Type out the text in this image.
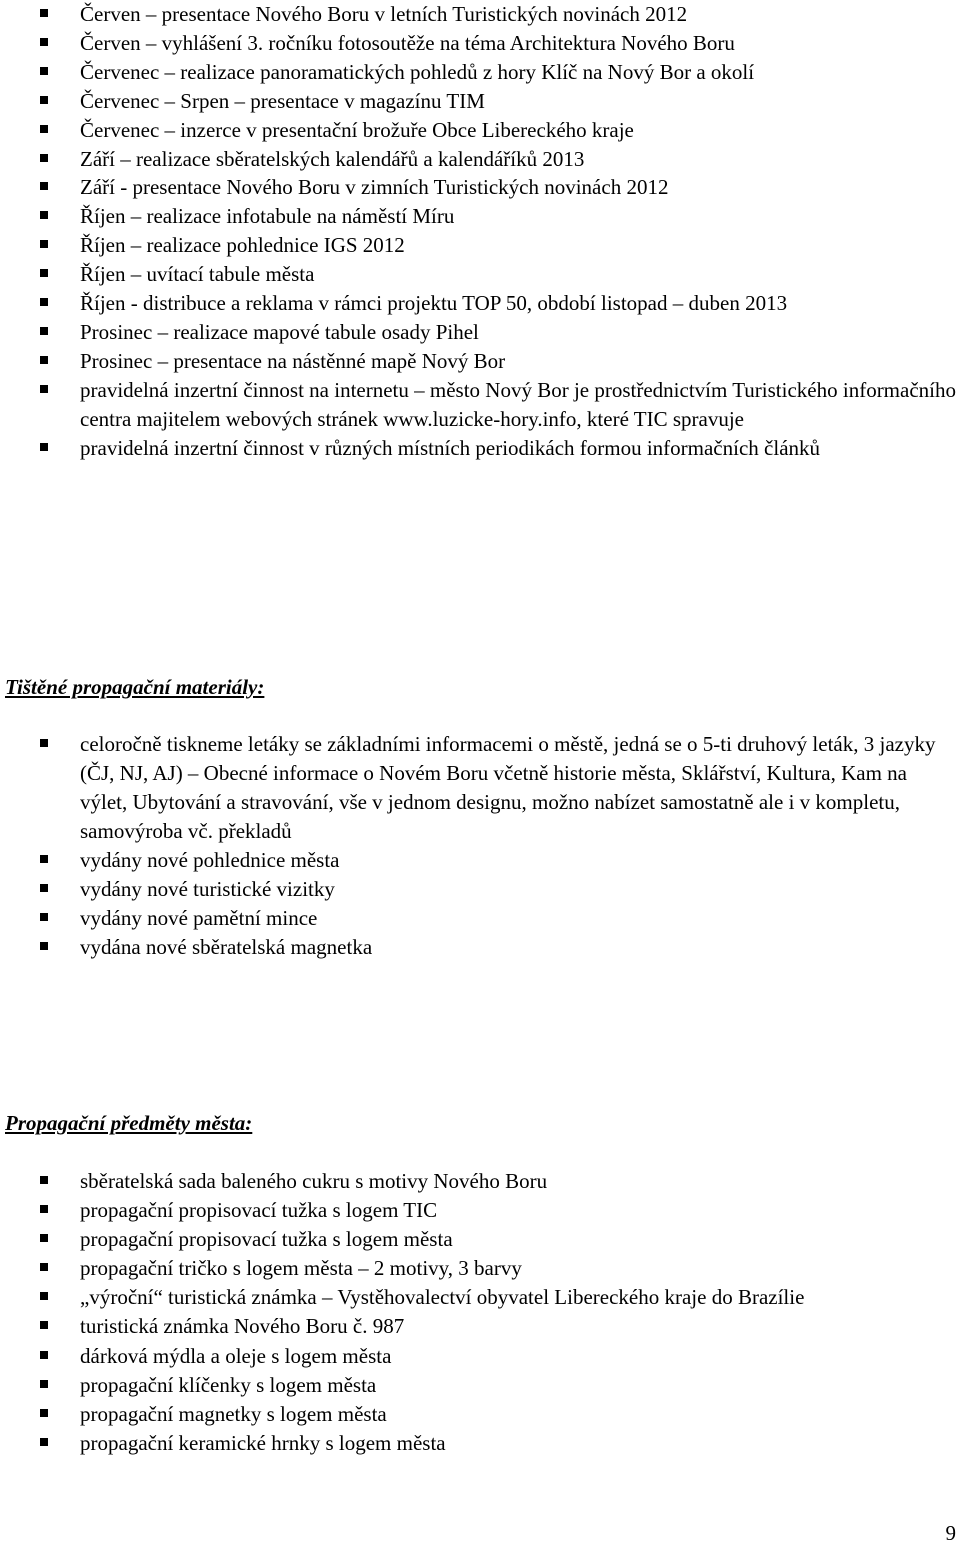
Červen – presentace Nového Boru v letních Turistických novinách 2012
Červen – vyhlášení 3. ročníku fotosoutěže na téma Architektura Nového Boru
Červenec – realizace panoramatických pohledů z hory Klíč na Nový Bor a okolí
Červenec – Srpen – presentace v magazínu TIM
Červenec – inzerce v presentační brožuře Obce Libereckého kraje
Září – realizace sběratelských kalendářů a kalendáříků 2013
Září - presentace Nového Boru v zimních Turistických novinách 2012
Říjen – realizace infotabule na náměstí Míru
Říjen – realizace pohlednice IGS 2012
Říjen – uvítací tabule města
Říjen - distribuce a reklama v rámci projektu TOP 50, období listopad – duben 2013
Prosinec – realizace mapové tabule osady Pihel
Prosinec – presentace na nástěnné mapě Nový Bor
pravidelná inzertní činnost na internetu – město Nový Bor je prostřednictvím Turistického informačního centra majitelem webových stránek www.luzicke-hory.info, které TIC spravuje
pravidelná inzertní činnost v různých místních periodikách formou informačních článků
Tištěné propagační materiály:
celoročně tiskneme letáky se základními informacemi o městě, jedná se o 5-ti druhový leták, 3 jazyky (ČJ, NJ, AJ) – Obecné informace o Novém Boru včetně historie města, Sklářství, Kultura, Kam na výlet, Ubytování a stravování, vše v jednom designu, možno nabízet samostatně ale i v kompletu, samovýroba vč. překladů
vydány nové pohlednice města
vydány nové turistické vizitky
vydány nové pamětní mince
vydána nové sběratelská magnetka
Propagační předměty města:
sběratelská sada baleného cukru s motivy Nového Boru
propagační propisovací tužka s logem TIC
propagační propisovací tužka s logem města
propagační tričko s logem města – 2 motivy, 3 barvy
„výroční“ turistická známka – Vystěhovalectví obyvatel Libereckého kraje do Brazílie
turistická známka Nového Boru č. 987
dárková mýdla a oleje s logem města
propagační klíčenky s logem města
propagační magnetky s logem města
propagační keramické hrnky s logem města
9
